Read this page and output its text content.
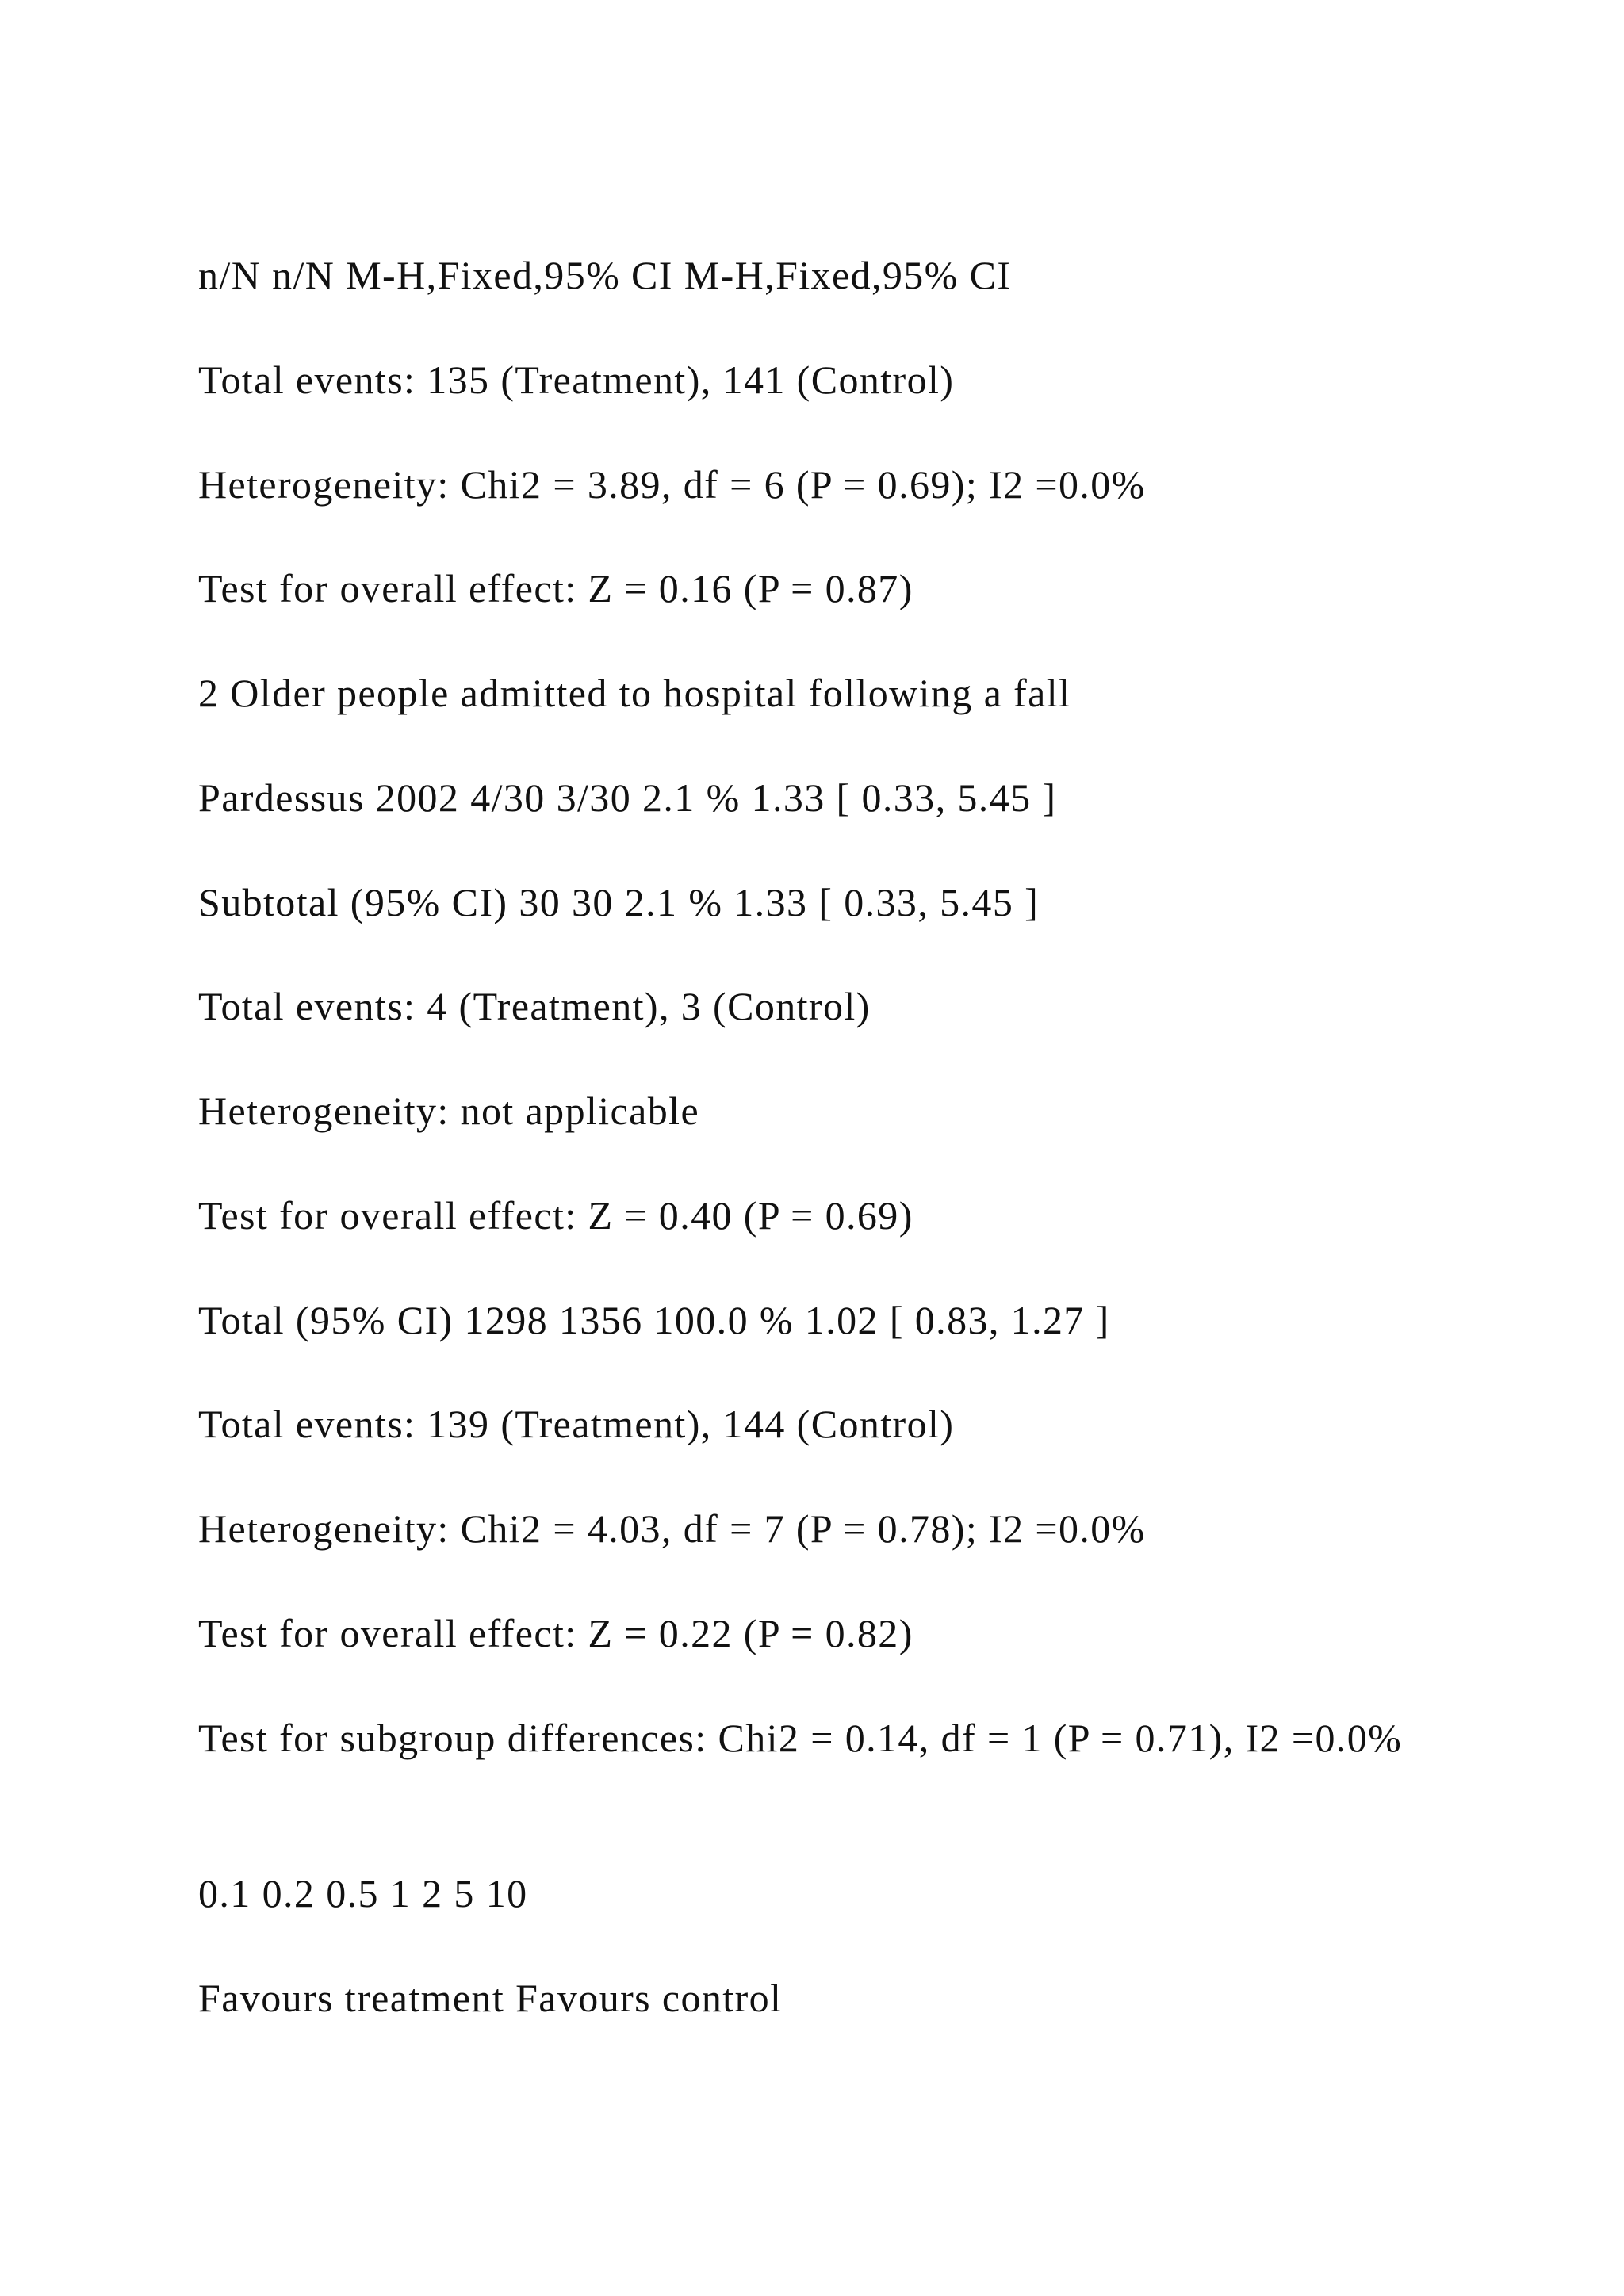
n/N n/N M-H,Fixed,95% CI M-H,Fixed,95% CI

Total events: 135 (Treatment), 141 (Control)

Heterogeneity: Chi2 = 3.89, df = 6 (P = 0.69); I2 =0.0%

Test for overall effect: Z = 0.16 (P = 0.87)

2 Older people admitted to hospital following a fall

Pardessus 2002 4/30 3/30 2.1 % 1.33 [ 0.33, 5.45 ]

Subtotal (95% CI) 30 30 2.1 % 1.33 [ 0.33, 5.45 ]

Total events: 4 (Treatment), 3 (Control)

Heterogeneity: not applicable

Test for overall effect: Z = 0.40 (P = 0.69)

Total (95% CI) 1298 1356 100.0 % 1.02 [ 0.83, 1.27 ]

Total events: 139 (Treatment), 144 (Control)

Heterogeneity: Chi2 = 4.03, df = 7 (P = 0.78); I2 =0.0%

Test for overall effect: Z = 0.22 (P = 0.82)

Test for subgroup differences: Chi2 = 0.14, df = 1 (P = 0.71), I2 =0.0%

0.1 0.2 0.5 1 2 5 10

Favours treatment Favours control
